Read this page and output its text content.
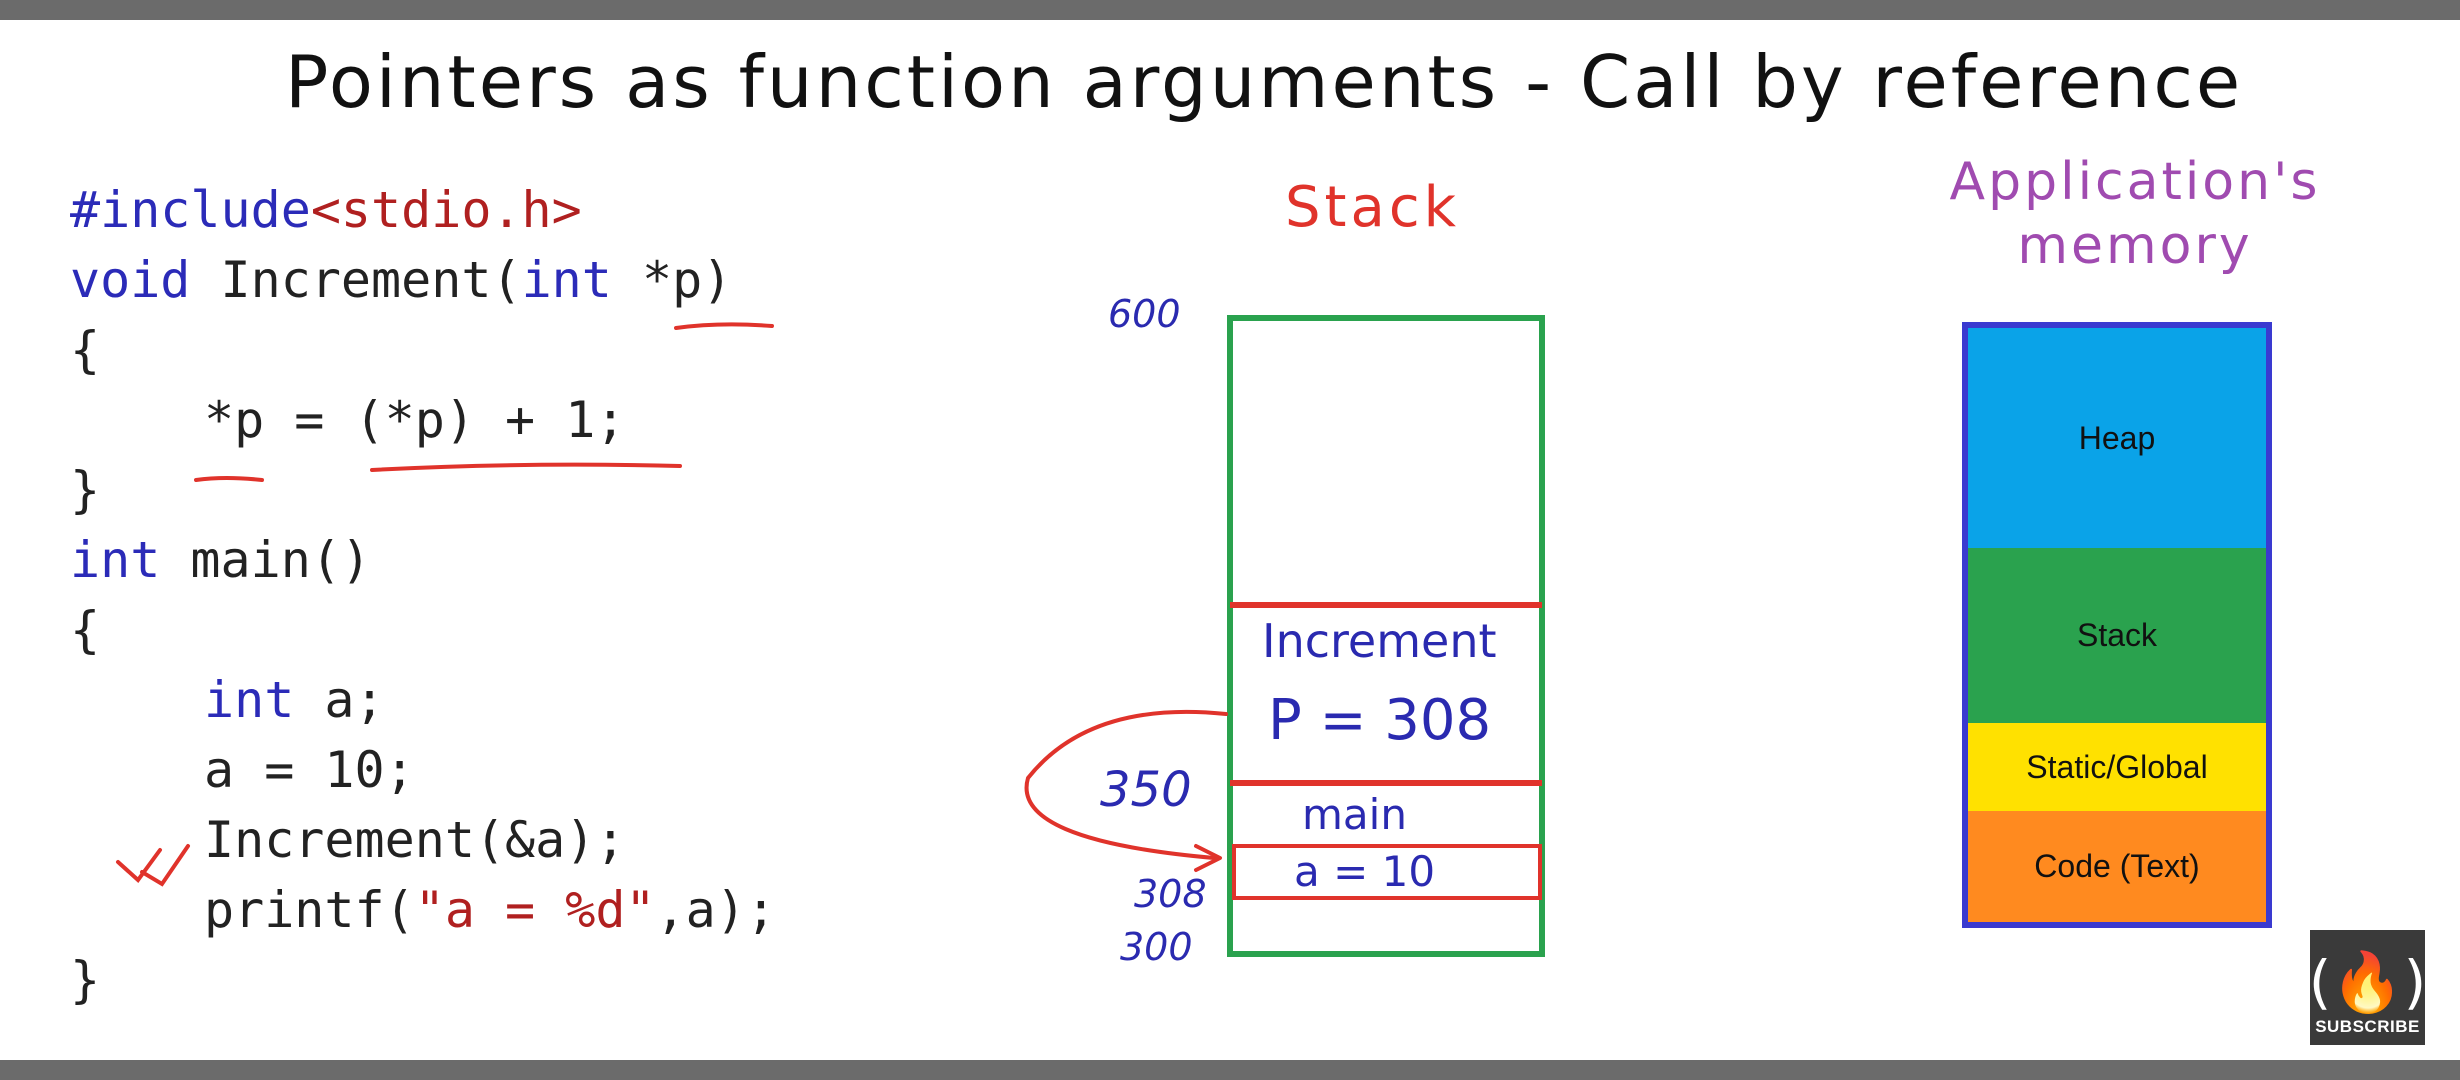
Pointers as function arguments - Call by reference
#include<stdio.h>
void Increment(int *p)
{
*p = (*p) + 1;
}
int main()
{
int a;
a = 10;
Increment(&a);
printf("a = %d",a);
}
Stack
600
350
308
300
Increment
P = 308
main
a = 10
Application's
memory
Heap
Stack
Static/Global
Code (Text)
(🔥)
SUBSCRIBE
